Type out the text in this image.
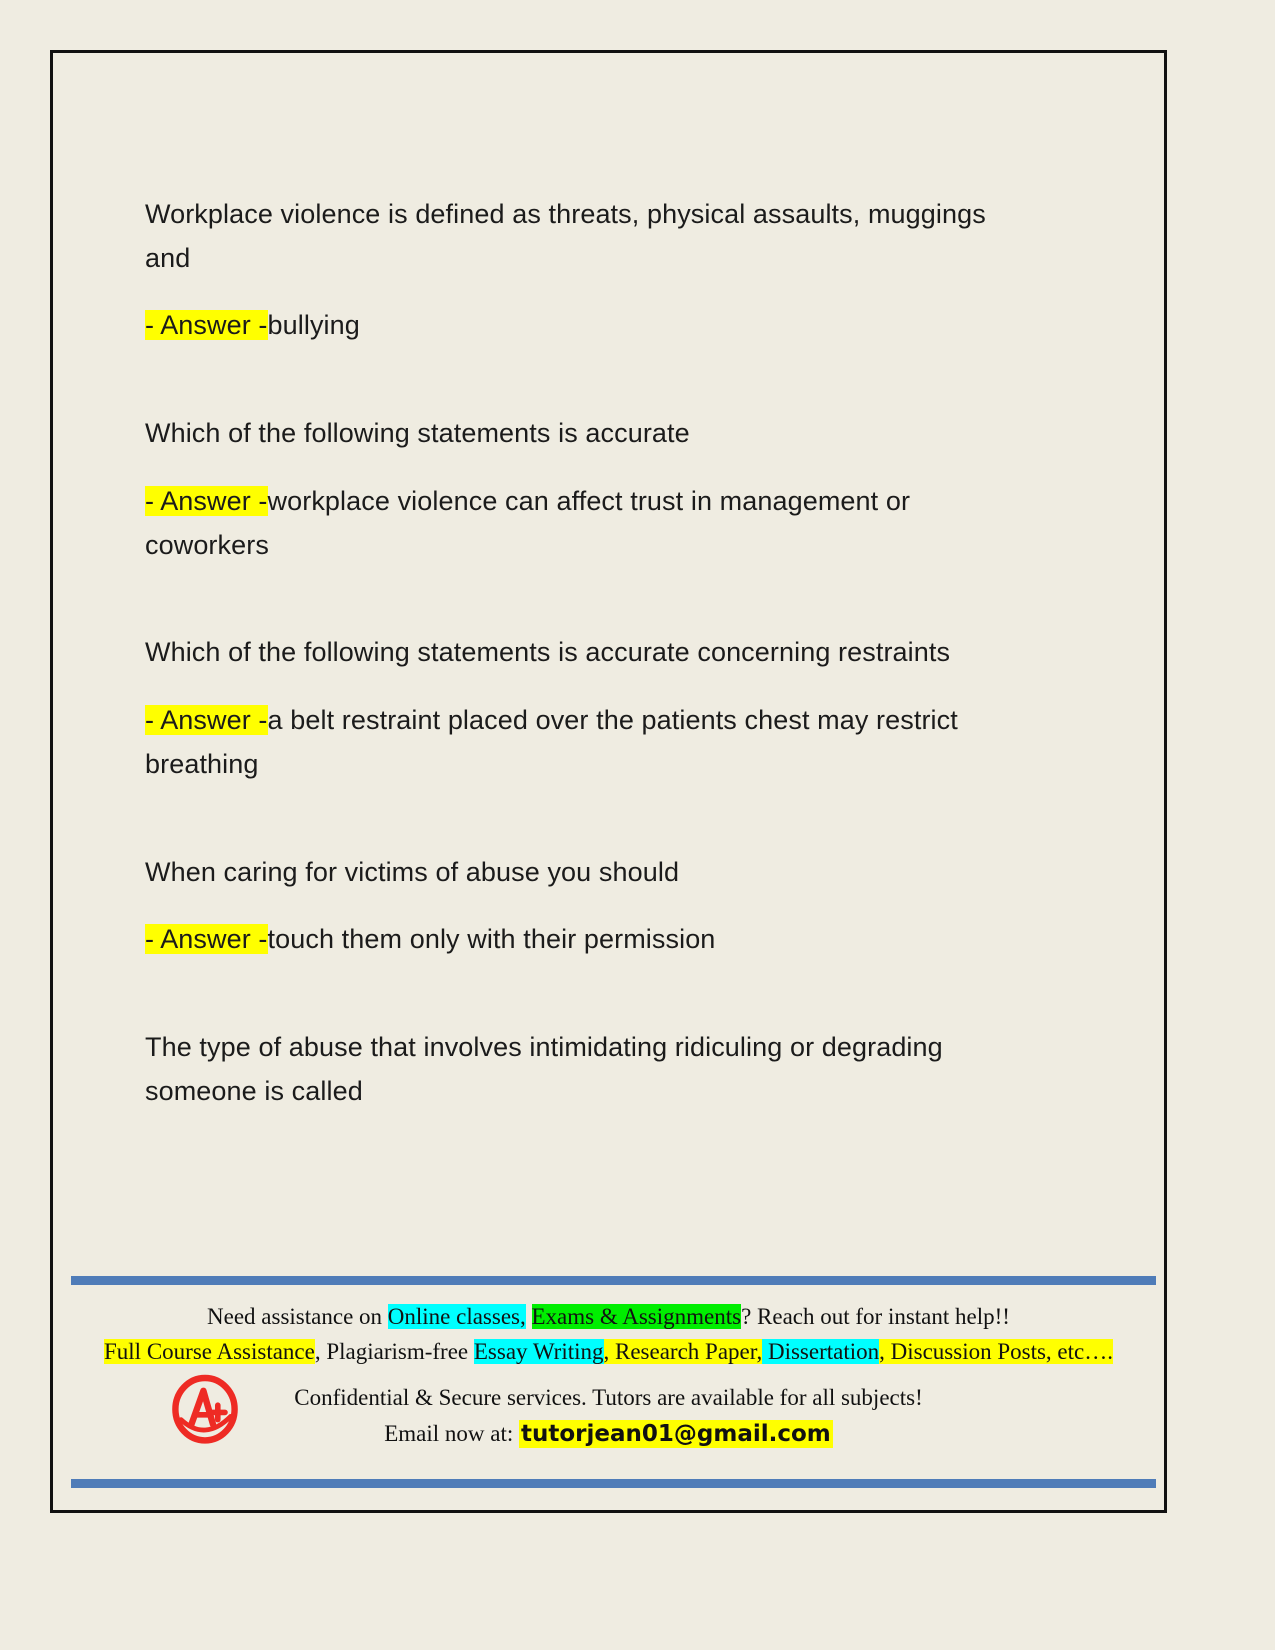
Workplace violence is defined as threats, physical assaults, muggings and
- Answer -bullying
Which of the following statements is accurate
- Answer -workplace violence can affect trust in management or coworkers
Which of the following statements is accurate concerning restraints
- Answer -a belt restraint placed over the patients chest may restrict breathing
When caring for victims of abuse you should
- Answer -touch them only with their permission
The type of abuse that involves intimidating ridiculing or degrading someone is called
Need assistance on Online classes, Exams & Assignments? Reach out for instant help!!
Full Course Assistance, Plagiarism-free Essay Writing, Research Paper, Dissertation, Discussion Posts, etc….
Confidential & Secure services. Tutors are available for all subjects!
Email now at: tutorjean01@gmail.com
